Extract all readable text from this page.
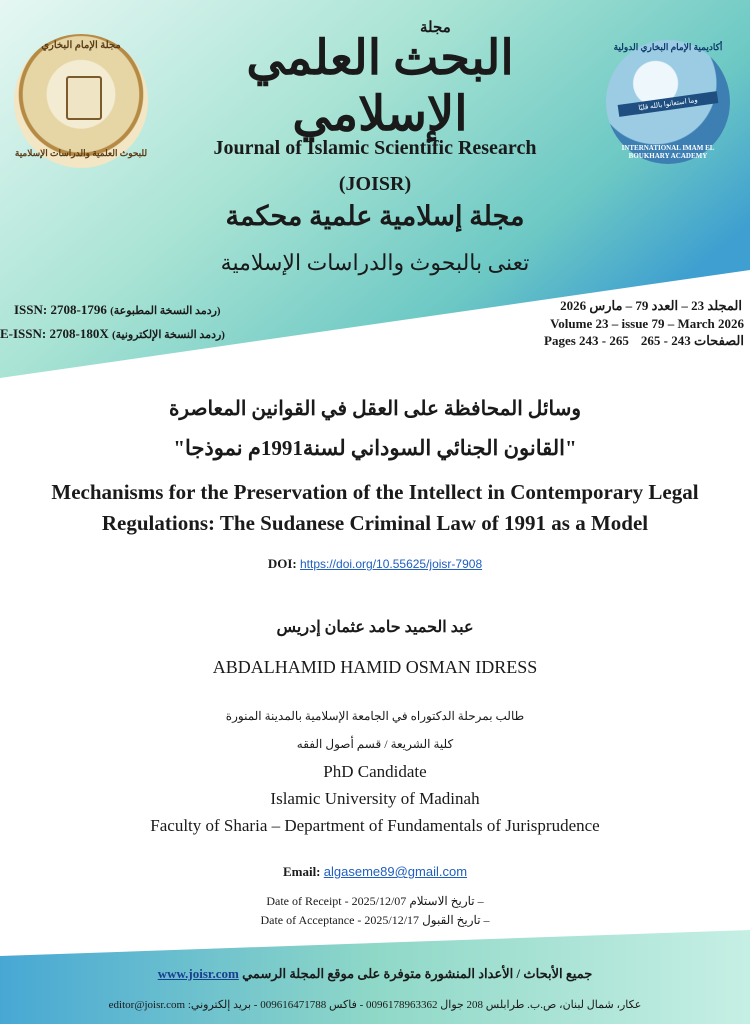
مجلة الإمام البخاري
للبحوث العلمية والدراسات الإسلامية
أكاديمية الإمام البخاري الدولية
وما استعانوا بالله قلبًا
INTERNATIONAL IMAM EL BOUKHARY ACADEMY
مجلة
البحث العلمي الإسلامي
Journal of Islamic Scientific Research
(JOISR)
مجلة إسلامية علمية محكمة
تعنى بالبحوث والدراسات الإسلامية
ISSN: 2708-1796 (ردمد النسخة المطبوعة)
E-ISSN: 2708-180X (ردمد النسخة الإلكترونية)
المجلد 23 – العدد 79 – مارس 2026
Volume 23 – issue 79 – March 2026
Pages 243 - 265 الصفحات 243 - 265
وسائل المحافظة على العقل في القوانين المعاصرة
"القانون الجنائي السوداني لسنة1991م نموذجا"
Mechanisms for the Preservation of the Intellect in Contemporary Legal
Regulations: The Sudanese Criminal Law of 1991 as a Model
DOI: https://doi.org/10.55625/joisr-7908
عبد الحميد حامد عثمان إدريس
ABDALHAMID HAMID OSMAN IDRESS
طالب بمرحلة الدكتوراه في الجامعة الإسلامية بالمدينة المنورة
كلية الشريعة / قسم أصول الفقه
PhD Candidate
Islamic University of Madinah
Faculty of Sharia – Department of Fundamentals of Jurisprudence
Email: algaseme89@gmail.com
Date of Receipt - 2025/12/07 – تاريخ الاستلام
Date of Acceptance - 2025/12/17 – تاريخ القبول
www.joisr.com جميع الأبحاث / الأعداد المنشورة متوفرة على موقع المجلة الرسمي
editor@joisr.com عكار، شمال لبنان، ص.ب. طرابلس 208 جوال 0096178963362 - فاكس 009616471788 - بريد إلكتروني:
